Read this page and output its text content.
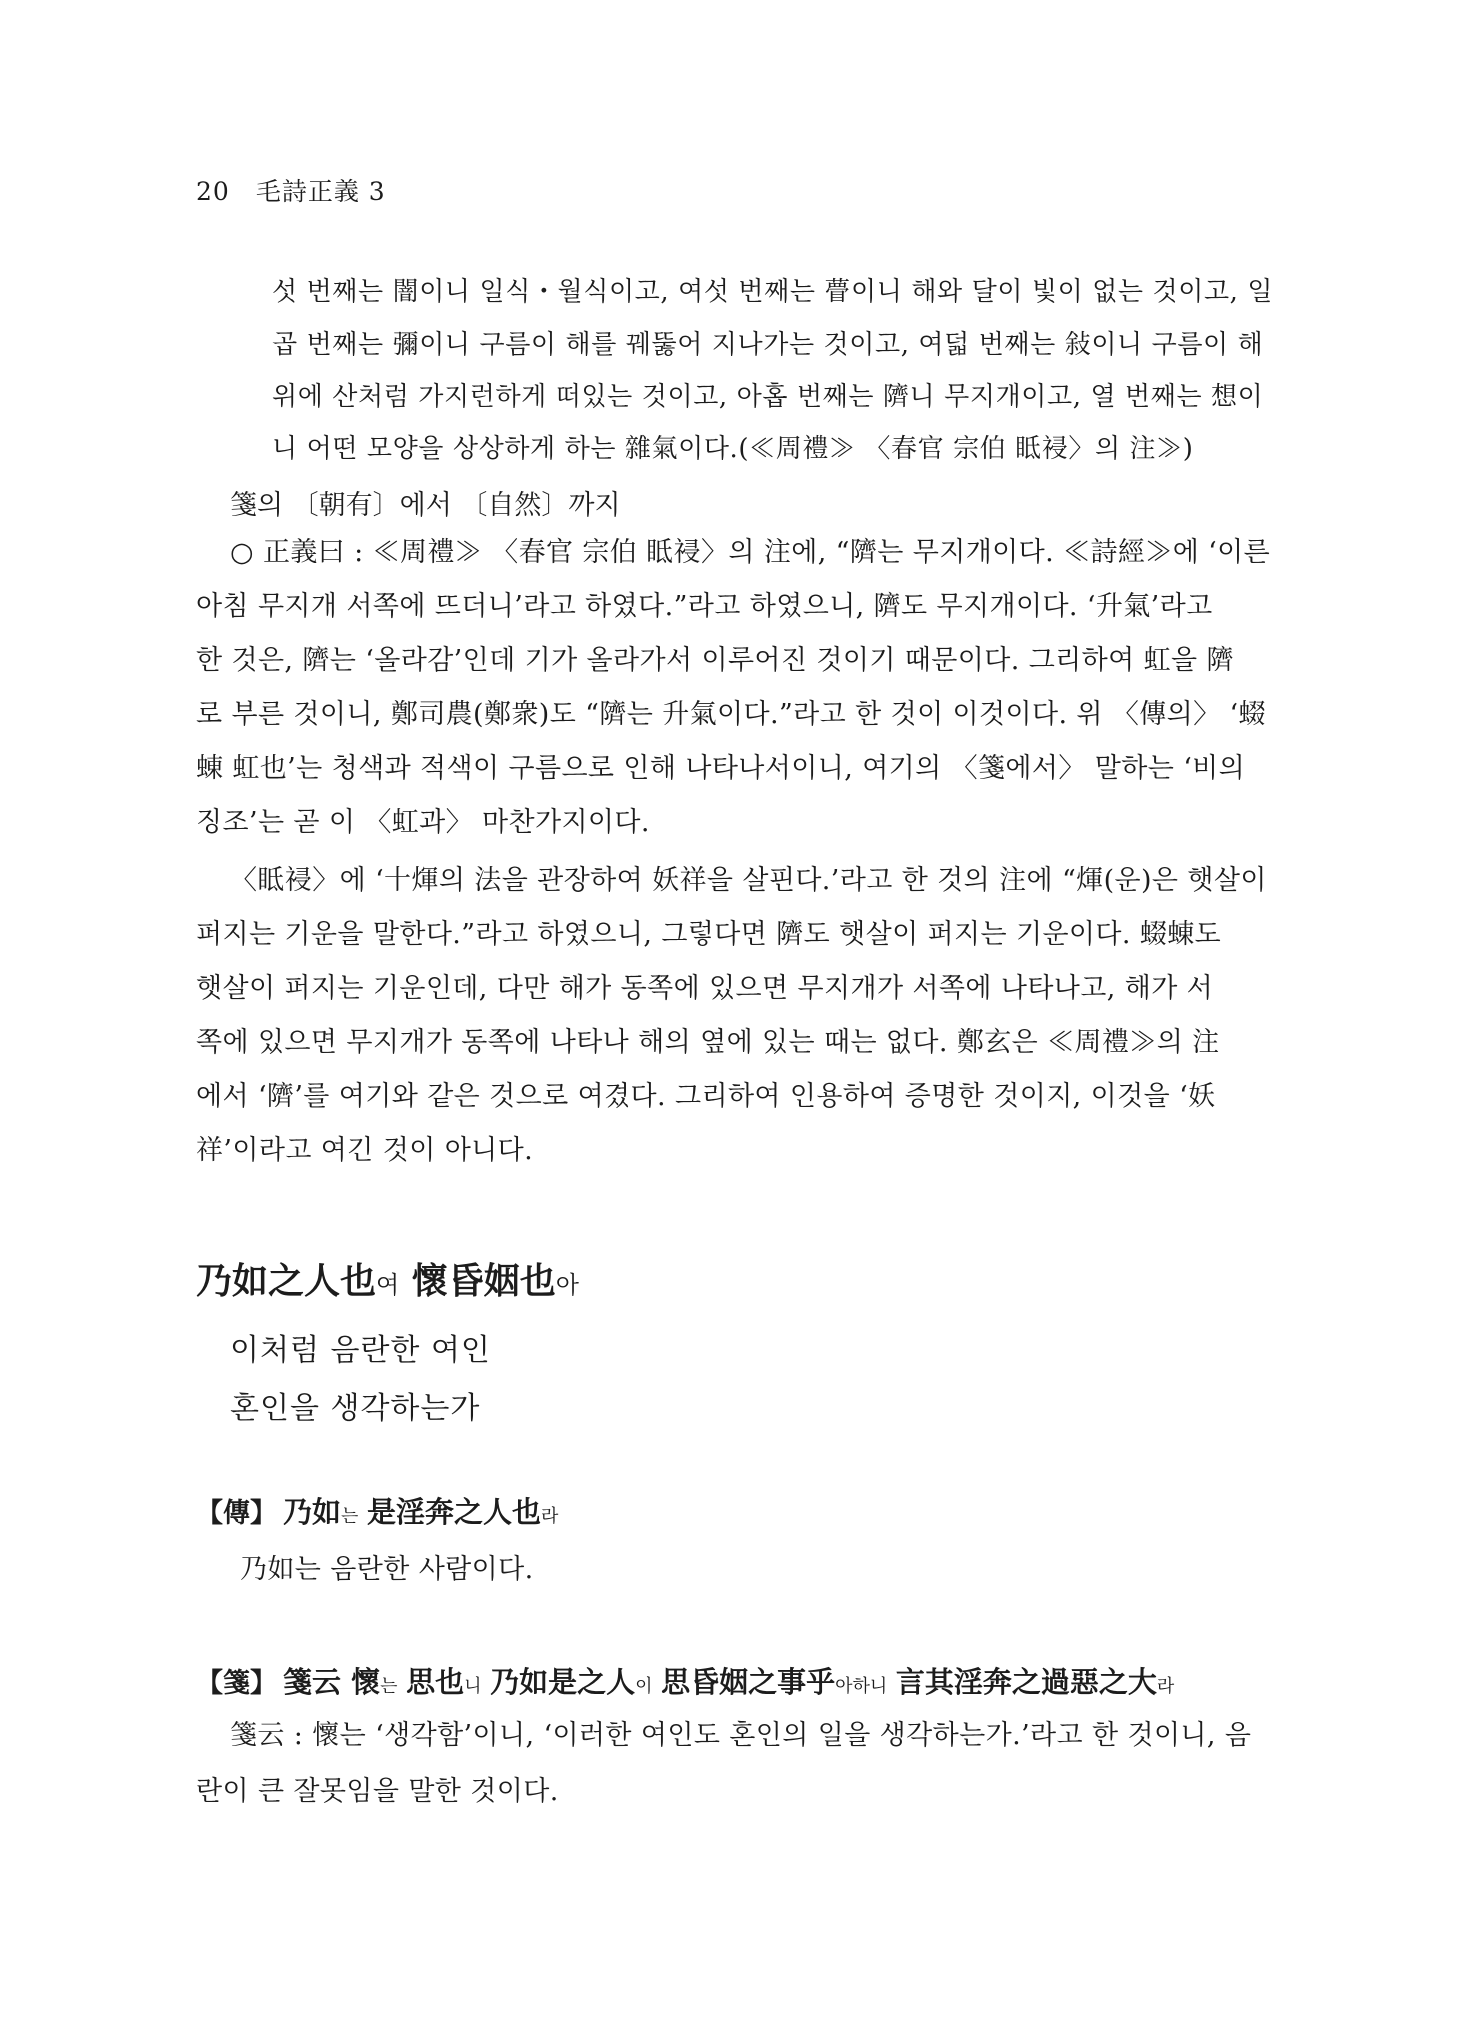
20 毛詩正義 3
섯 번째는 闇이니 일식・월식이고, 여섯 번째는 瞢이니 해와 달이 빛이 없는 것이고, 일
곱 번째는 彌이니 구름이 해를 꿰뚫어 지나가는 것이고, 여덟 번째는 敍이니 구름이 해
위에 산처럼 가지런하게 떠있는 것이고, 아홉 번째는 隮니 무지개이고, 열 번째는 想이
니 어떤 모양을 상상하게 하는 雜氣이다.(≪周禮≫ 〈春官 宗伯 眡祲〉의 注≫)
箋의 〔朝有〕에서 〔自然〕까지
○ 正義曰 : ≪周禮≫ 〈春官 宗伯 眡祲〉의 注에, “隮는 무지개이다. ≪詩經≫에 ‘이른
아침 무지개 서쪽에 뜨더니’라고 하였다.”라고 하였으니, 隮도 무지개이다. ‘升氣’라고
한 것은, 隮는 ‘올라감’인데 기가 올라가서 이루어진 것이기 때문이다. 그리하여 虹을 隮
로 부른 것이니, 鄭司農(鄭衆)도 “隮는 升氣이다.”라고 한 것이 이것이다. 위 〈傳의〉 ‘蝃
蝀 虹也’는 청색과 적색이 구름으로 인해 나타나서이니, 여기의 〈箋에서〉 말하는 ‘비의
징조’는 곧 이 〈虹과〉 마찬가지이다.
〈眡祲〉에 ‘十煇의 法을 관장하여 妖祥을 살핀다.’라고 한 것의 注에 “煇(운)은 햇살이
퍼지는 기운을 말한다.”라고 하였으니, 그렇다면 隮도 햇살이 퍼지는 기운이다. 蝃蝀도
햇살이 퍼지는 기운인데, 다만 해가 동쪽에 있으면 무지개가 서쪽에 나타나고, 해가 서
쪽에 있으면 무지개가 동쪽에 나타나 해의 옆에 있는 때는 없다. 鄭玄은 ≪周禮≫의 注
에서 ‘隮’를 여기와 같은 것으로 여겼다. 그리하여 인용하여 증명한 것이지, 이것을 ‘妖
祥’이라고 여긴 것이 아니다.
乃如之人也여 懷昏姻也아
이처럼 음란한 여인
혼인을 생각하는가
【傳】 乃如는 是淫奔之人也라
乃如는 음란한 사람이다.
【箋】 箋云 懷는 思也니 乃如是之人이 思昏姻之事乎아하니 言其淫奔之過惡之大라
箋云 : 懷는 ‘생각함’이니, ‘이러한 여인도 혼인의 일을 생각하는가.’라고 한 것이니, 음
란이 큰 잘못임을 말한 것이다.
